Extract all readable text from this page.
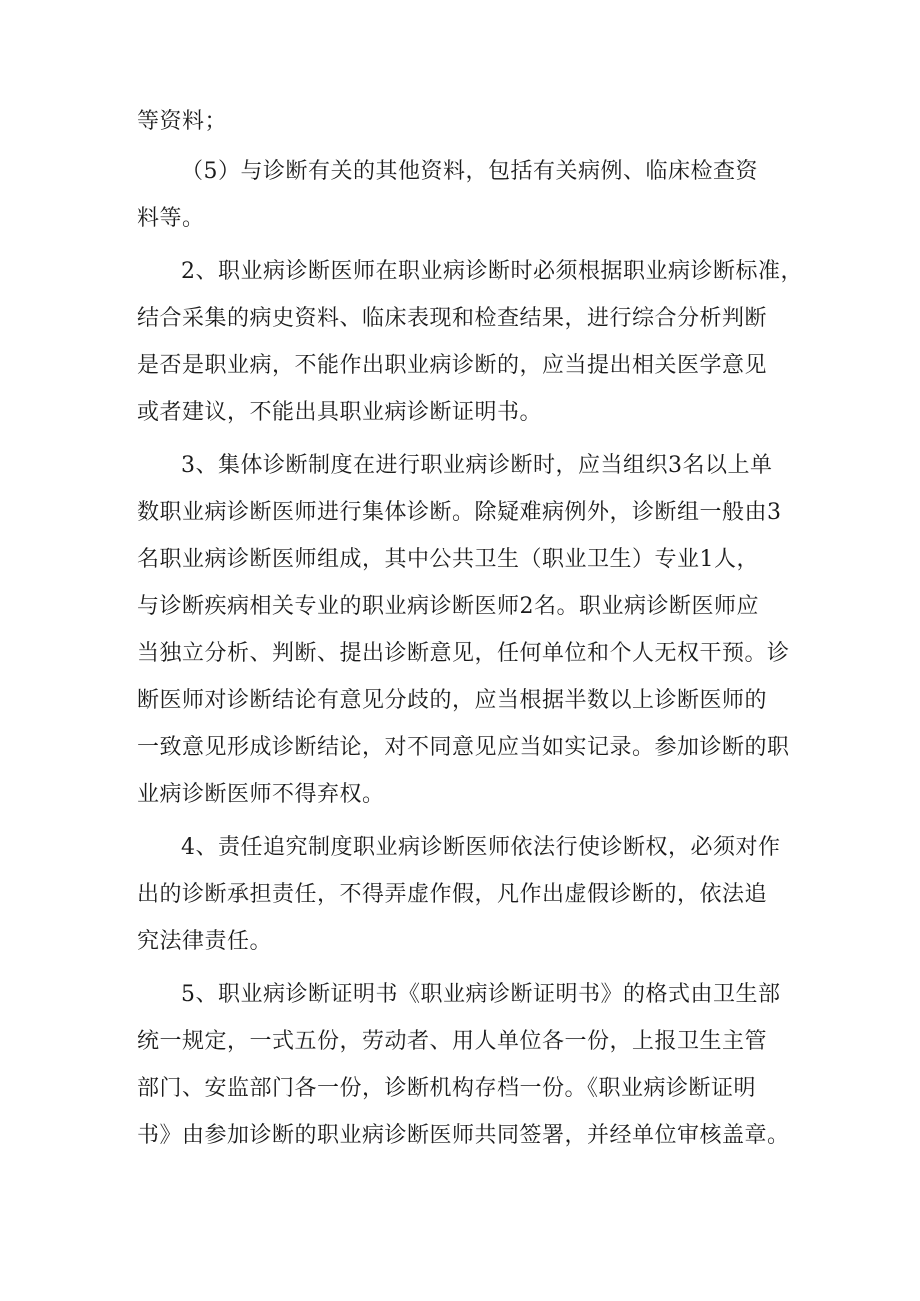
等资料；
（5）与诊断有关的其他资料，包括有关病例、临床检查资
料等。
2、职业病诊断医师在职业病诊断时必须根据职业病诊断标准，
结合采集的病史资料、临床表现和检查结果，进行综合分析判断
是否是职业病，不能作出职业病诊断的，应当提出相关医学意见
或者建议，不能出具职业病诊断证明书。
3、集体诊断制度在进行职业病诊断时，应当组织3名以上单
数职业病诊断医师进行集体诊断。除疑难病例外，诊断组一般由3
名职业病诊断医师组成，其中公共卫生（职业卫生）专业1人，
与诊断疾病相关专业的职业病诊断医师2名。职业病诊断医师应
当独立分析、判断、提出诊断意见，任何单位和个人无权干预。诊
断医师对诊断结论有意见分歧的，应当根据半数以上诊断医师的
一致意见形成诊断结论，对不同意见应当如实记录。参加诊断的职
业病诊断医师不得弃权。
4、责任追究制度职业病诊断医师依法行使诊断权，必须对作
出的诊断承担责任，不得弄虚作假，凡作出虚假诊断的，依法追
究法律责任。
5、职业病诊断证明书《职业病诊断证明书》的格式由卫生部
统一规定，一式五份，劳动者、用人单位各一份，上报卫生主管
部门、安监部门各一份，诊断机构存档一份。《职业病诊断证明
书》由参加诊断的职业病诊断医师共同签署，并经单位审核盖章。
